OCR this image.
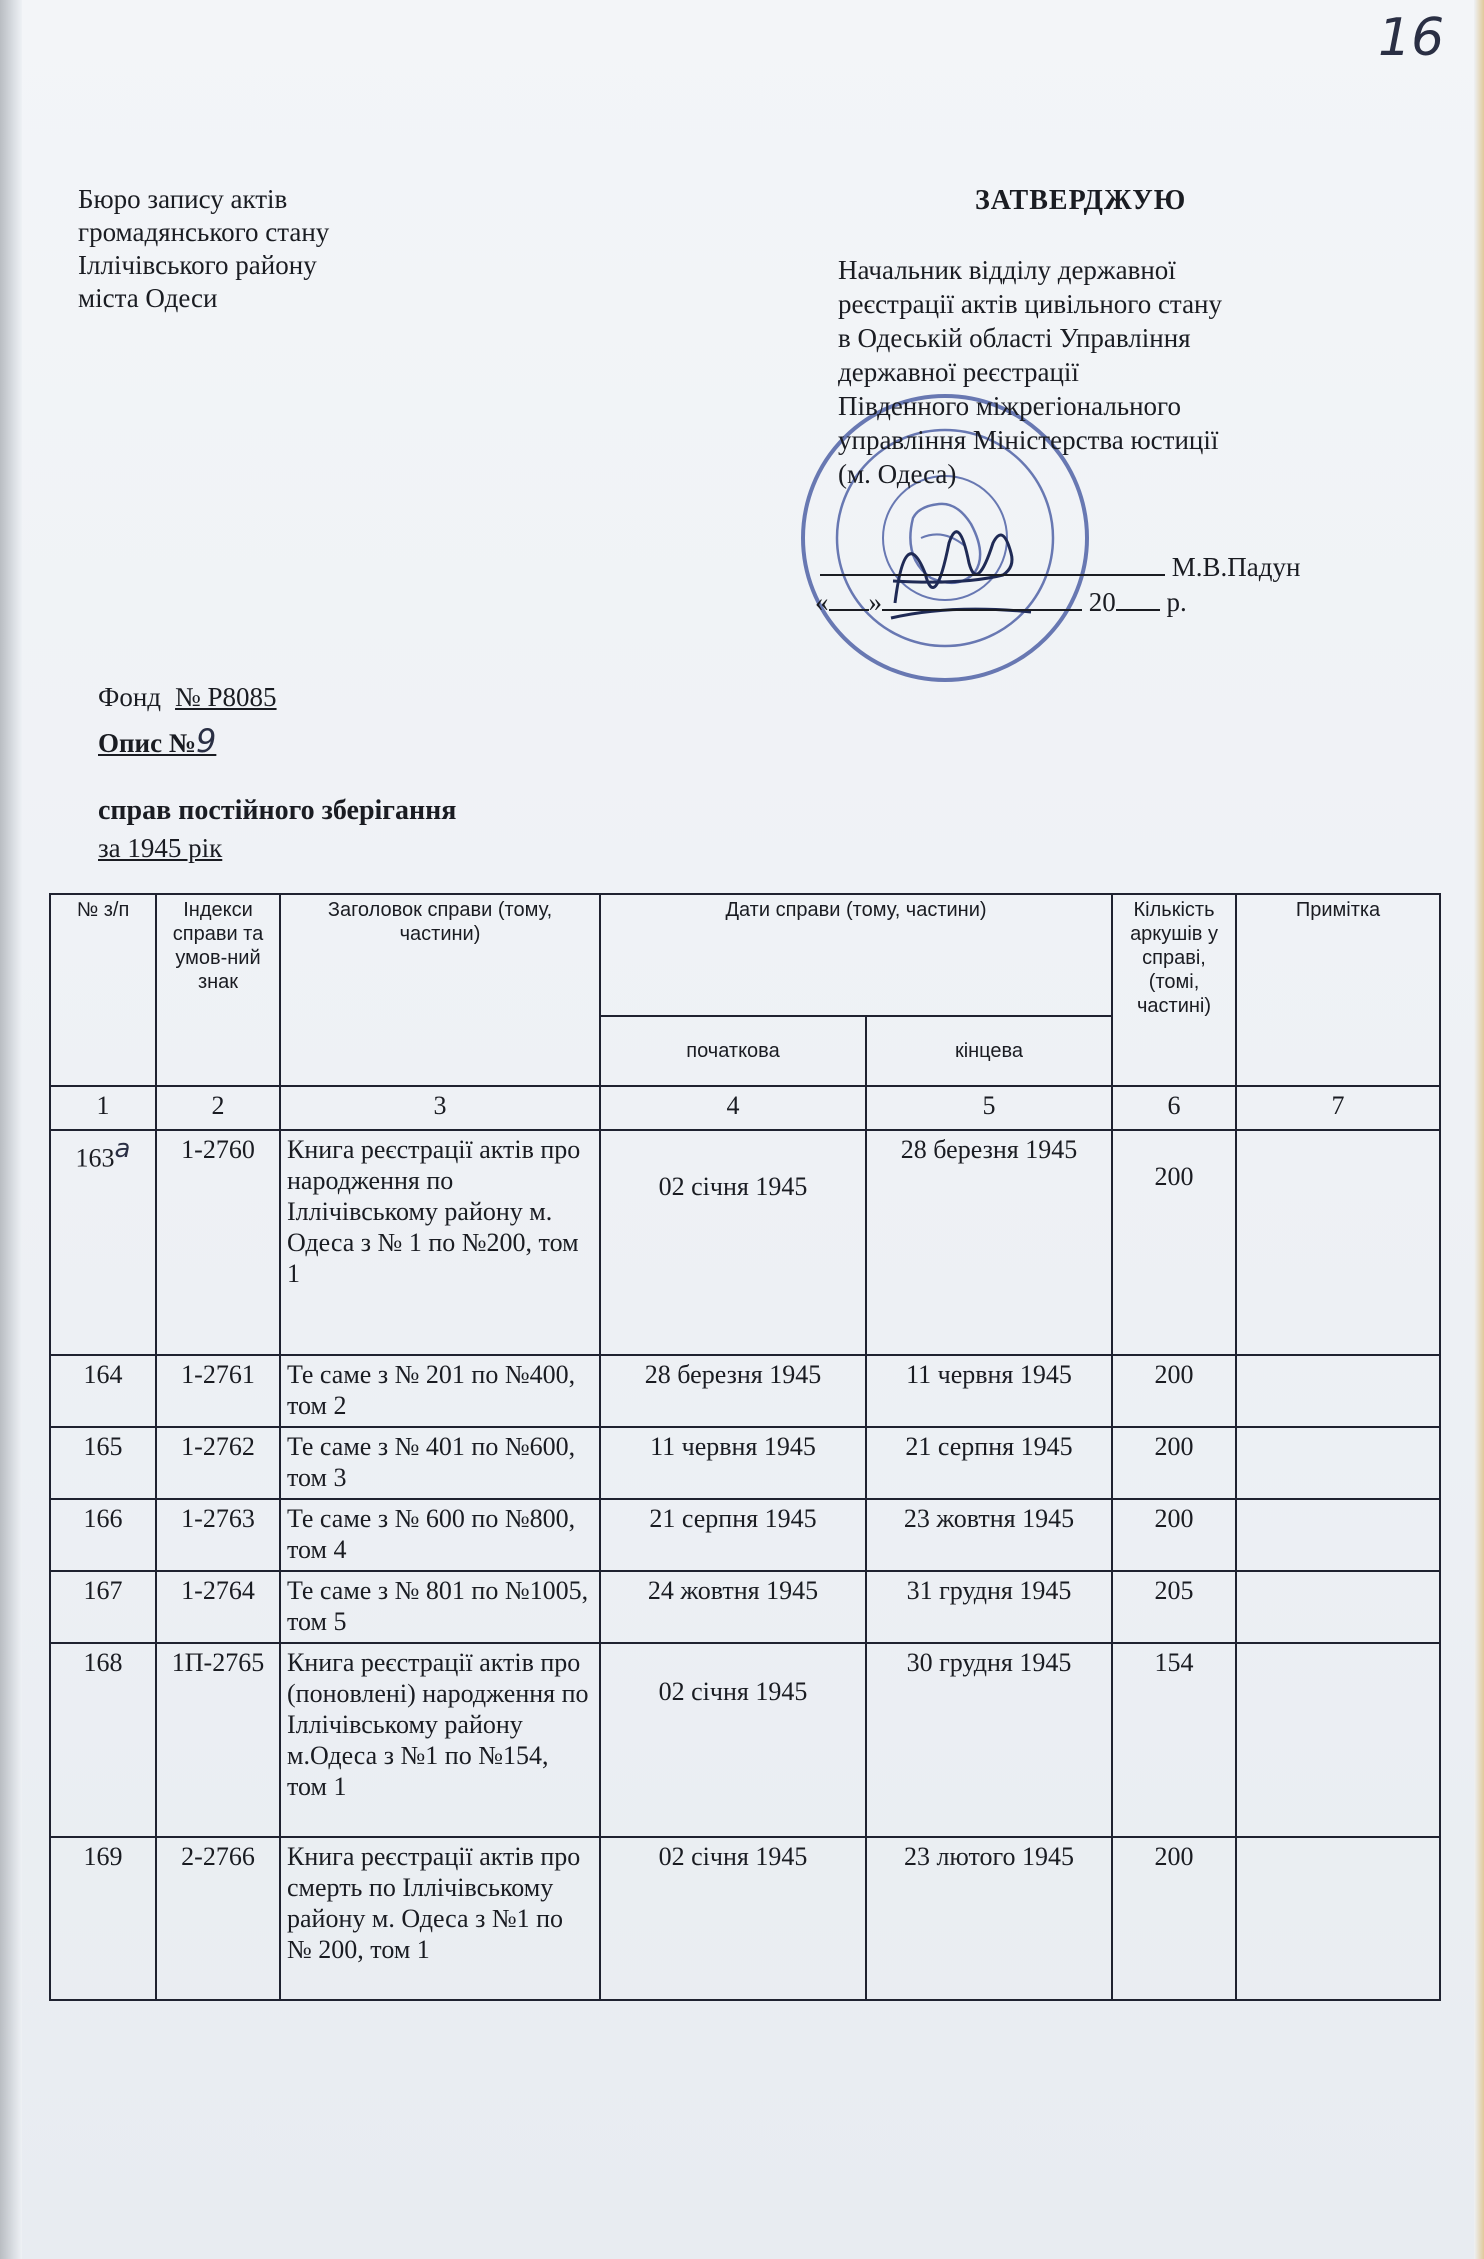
16
Бюро запису актів
громадянського стану
Іллічівського району
міста Одеси
ЗАТВЕРДЖУЮ
Начальник відділу державної
реєстрації актів цивільного стану
в Одеській області Управління
державної реєстрації
Південного міжрегіонального
управління Міністерства юстиції
(м. Одеса)
М.В.Падун
« »	20 р.
Фонд № Р8085
Опис №9
справ постійного зберігання
за 1945 рік
№ з/п	Індекси справи та умов-ний знак	Заголовок справи (тому, частини)	Дати справи (тому, частини)		Кількість аркушів у справі, (томі, частині)	Примітка
			початкова	кінцева		
1	2	3	4	5	6	7
163а	1-2760	Книга реєстрації актів про народження по Іллічівському району м. Одеса з № 1 по №200, том 1	02 січня 1945	28 березня 1945	200	
164	1-2761	Те саме з № 201 по №400, том 2	28 березня 1945	11 червня 1945	200	
165	1-2762	Те саме з № 401 по №600, том 3	11 червня 1945	21 серпня 1945	200	
166	1-2763	Те саме з № 600 по №800, том 4	21 серпня 1945	23 жовтня 1945	200	
167	1-2764	Те саме з № 801 по №1005, том 5	24 жовтня 1945	31 грудня 1945	205	
168	1П-2765	Книга реєстрації актів про (поновлені) народження по Іллічівському району м.Одеса з №1 по №154, том 1	02 січня 1945	30 грудня 1945	154	
169	2-2766	Книга реєстрації актів про смерть по Іллічівському району м. Одеса з №1 по № 200, том 1	02 січня 1945	23 лютого 1945	200	
